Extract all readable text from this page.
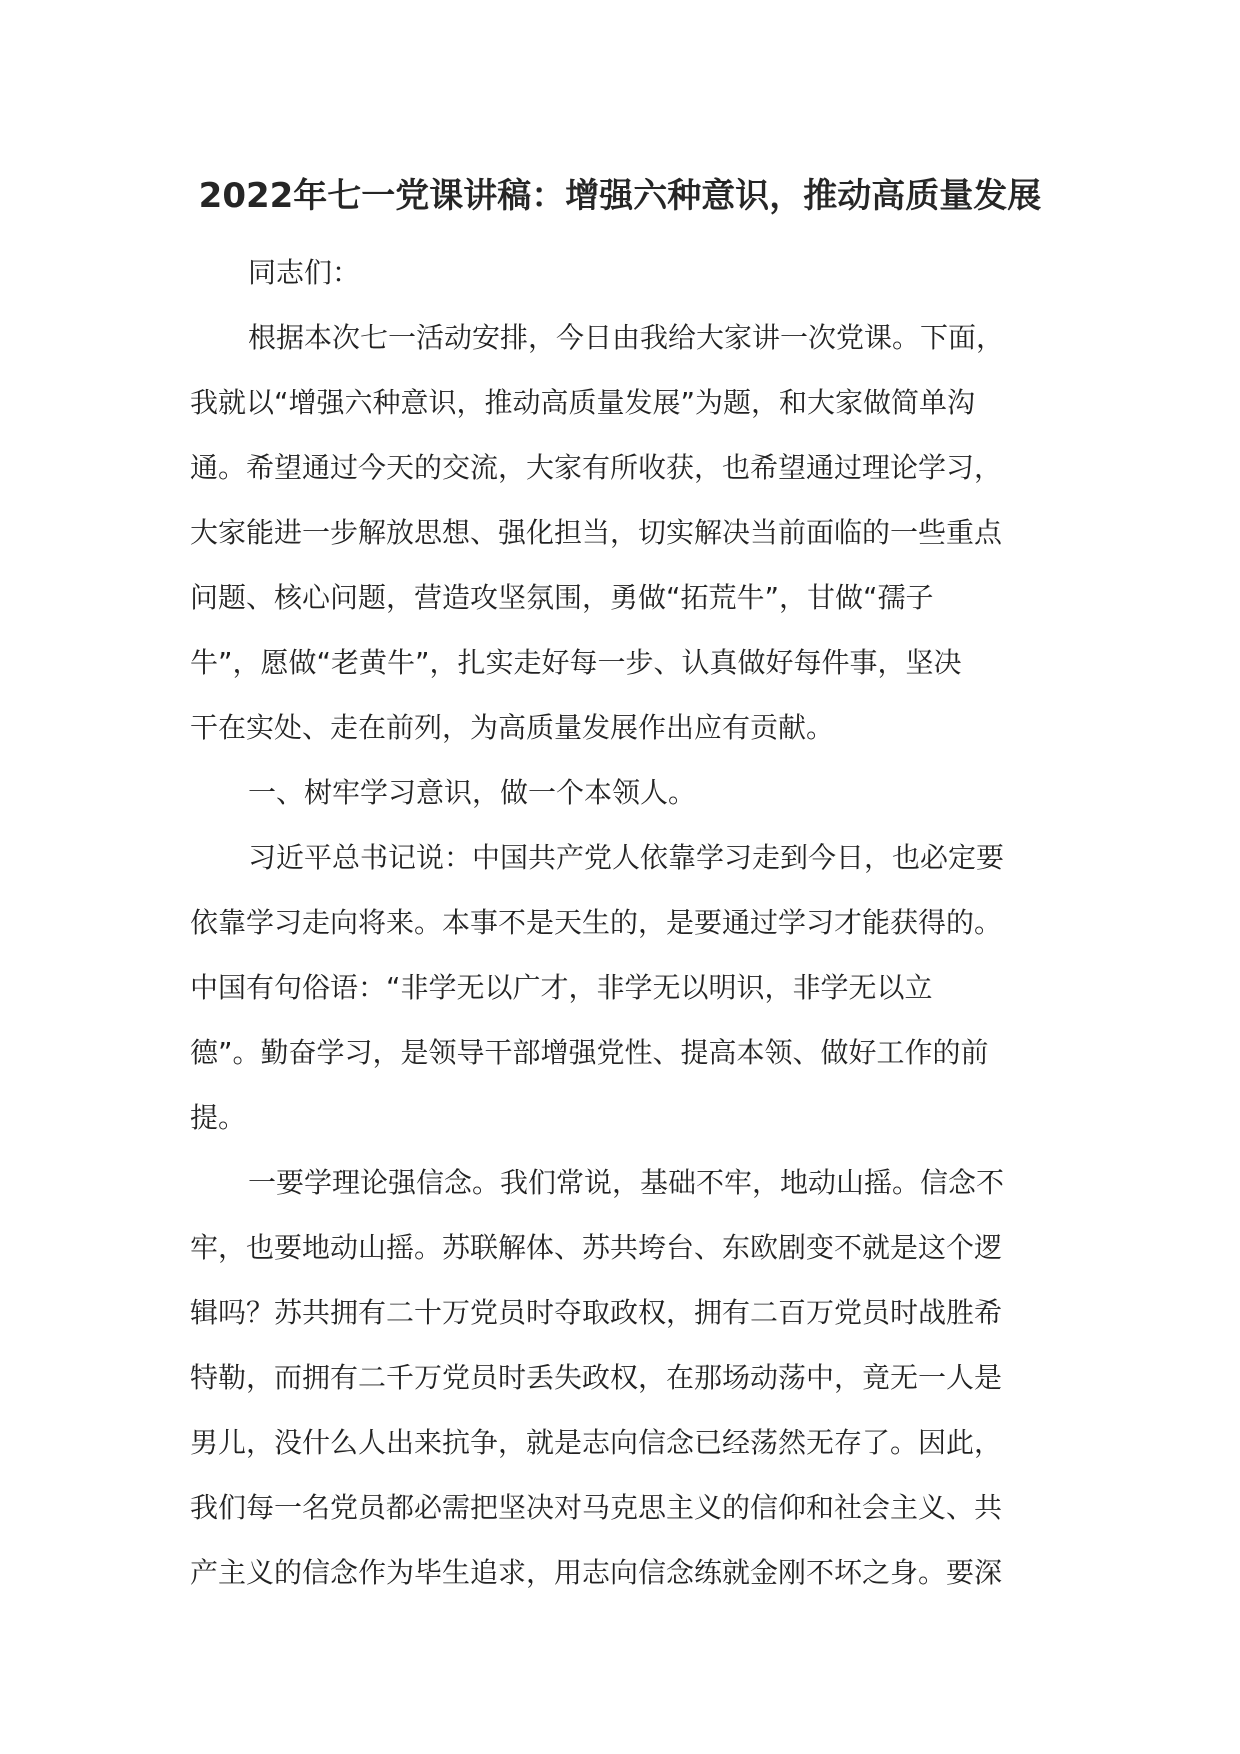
2022年七一党课讲稿：增强六种意识，推动高质量发展

同志们：

根据本次七一活动安排，今日由我给大家讲一次党课。下面，
我就以“增强六种意识，推动高质量发展”为题，和大家做简单沟
通。希望通过今天的交流，大家有所收获，也希望通过理论学习，
大家能进一步解放思想、强化担当，切实解决当前面临的一些重点
问题、核心问题，营造攻坚氛围，勇做“拓荒牛”，甘做“孺子
牛”，愿做“老黄牛”，扎实走好每一步、认真做好每件事，坚决
干在实处、走在前列，为高质量发展作出应有贡献。

一、树牢学习意识，做一个本领人。

习近平总书记说：中国共产党人依靠学习走到今日，也必定要
依靠学习走向将来。本事不是天生的，是要通过学习才能获得的。
中国有句俗语：“非学无以广才，非学无以明识，非学无以立
德”。勤奋学习，是领导干部增强党性、提高本领、做好工作的前
提。

一要学理论强信念。我们常说，基础不牢，地动山摇。信念不
牢，也要地动山摇。苏联解体、苏共垮台、东欧剧变不就是这个逻
辑吗？苏共拥有二十万党员时夺取政权，拥有二百万党员时战胜希
特勒，而拥有二千万党员时丢失政权，在那场动荡中，竟无一人是
男儿，没什么人出来抗争，就是志向信念已经荡然无存了。因此，
我们每一名党员都必需把坚决对马克思主义的信仰和社会主义、共
产主义的信念作为毕生追求，用志向信念练就金刚不坏之身。要深
